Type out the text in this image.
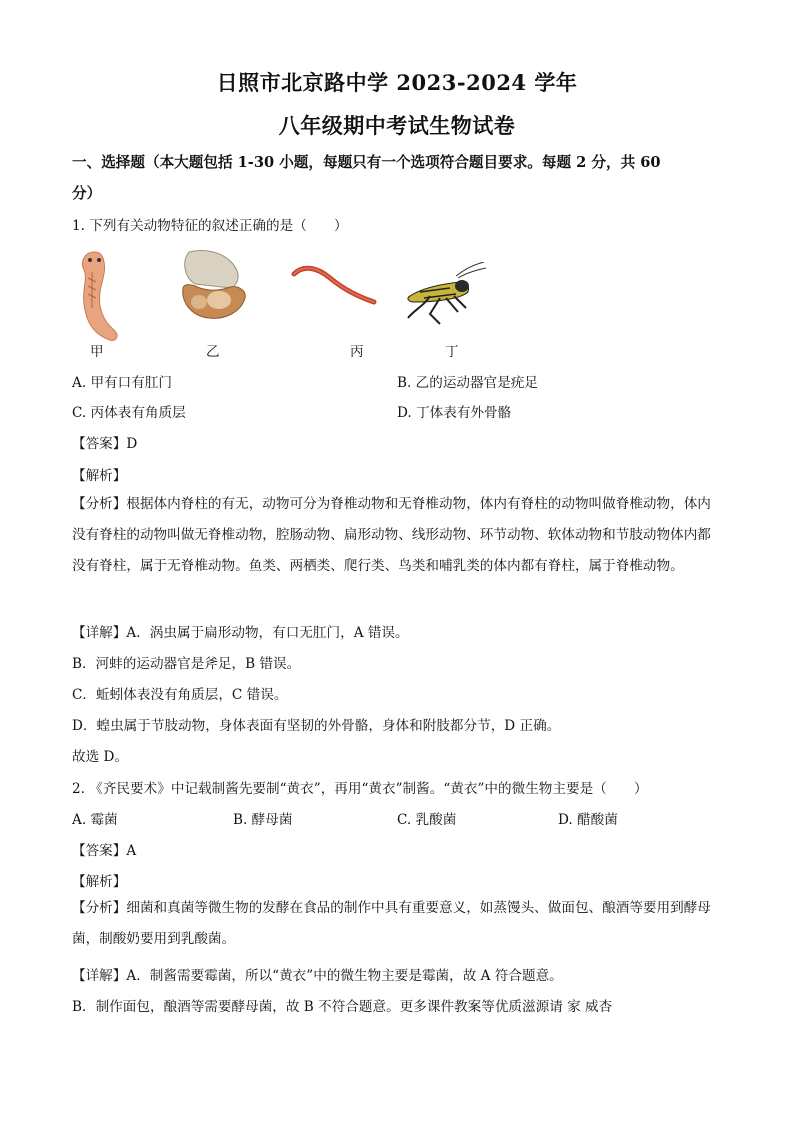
日照市北京路中学 2023-2024 学年
八年级期中考试生物试卷
一、选择题（本大题包括 1-30 小题，每题只有一个选项符合题目要求。每题 2 分，共 60
分）
1. 下列有关动物特征的叙述正确的是（　　）
甲	乙	丙	丁
A. 甲有口有肛门	B. 乙的运动器官是疣足
C. 丙体表有角质层	D. 丁体表有外骨骼
【答案】D
【解析】
【分析】根据体内脊柱的有无，动物可分为脊椎动物和无脊椎动物，体内有脊柱的动物叫做脊椎动物，体内没有脊柱的动物叫做无脊椎动物，腔肠动物、扁形动物、线形动物、环节动物、软体动物和节肢动物体内都没有脊柱，属于无脊椎动物。鱼类、两栖类、爬行类、鸟类和哺乳类的体内都有脊柱，属于脊椎动物。
【详解】A．涡虫属于扁形动物，有口无肛门，A 错误。
B．河蚌的运动器官是斧足，B 错误。
C．蚯蚓体表没有角质层，C 错误。
D．蝗虫属于节肢动物，身体表面有坚韧的外骨骼，身体和附肢都分节，D 正确。
故选 D。
2. 《齐民要术》中记载制酱先要制“黄衣”，再用“黄衣”制酱。“黄衣”中的微生物主要是（　　）
A. 霉菌	B. 酵母菌	C. 乳酸菌	D. 醋酸菌
【答案】A
【解析】
【分析】细菌和真菌等微生物的发酵在食品的制作中具有重要意义，如蒸馒头、做面包、酿酒等要用到酵母菌，制酸奶要用到乳酸菌。
【详解】A．制酱需要霉菌，所以“黄衣”中的微生物主要是霉菌，故 A 符合题意。
B．制作面包，酿酒等需要酵母菌，故 B 不符合题意。更多课件教案等优质滋源请 家 威杏
